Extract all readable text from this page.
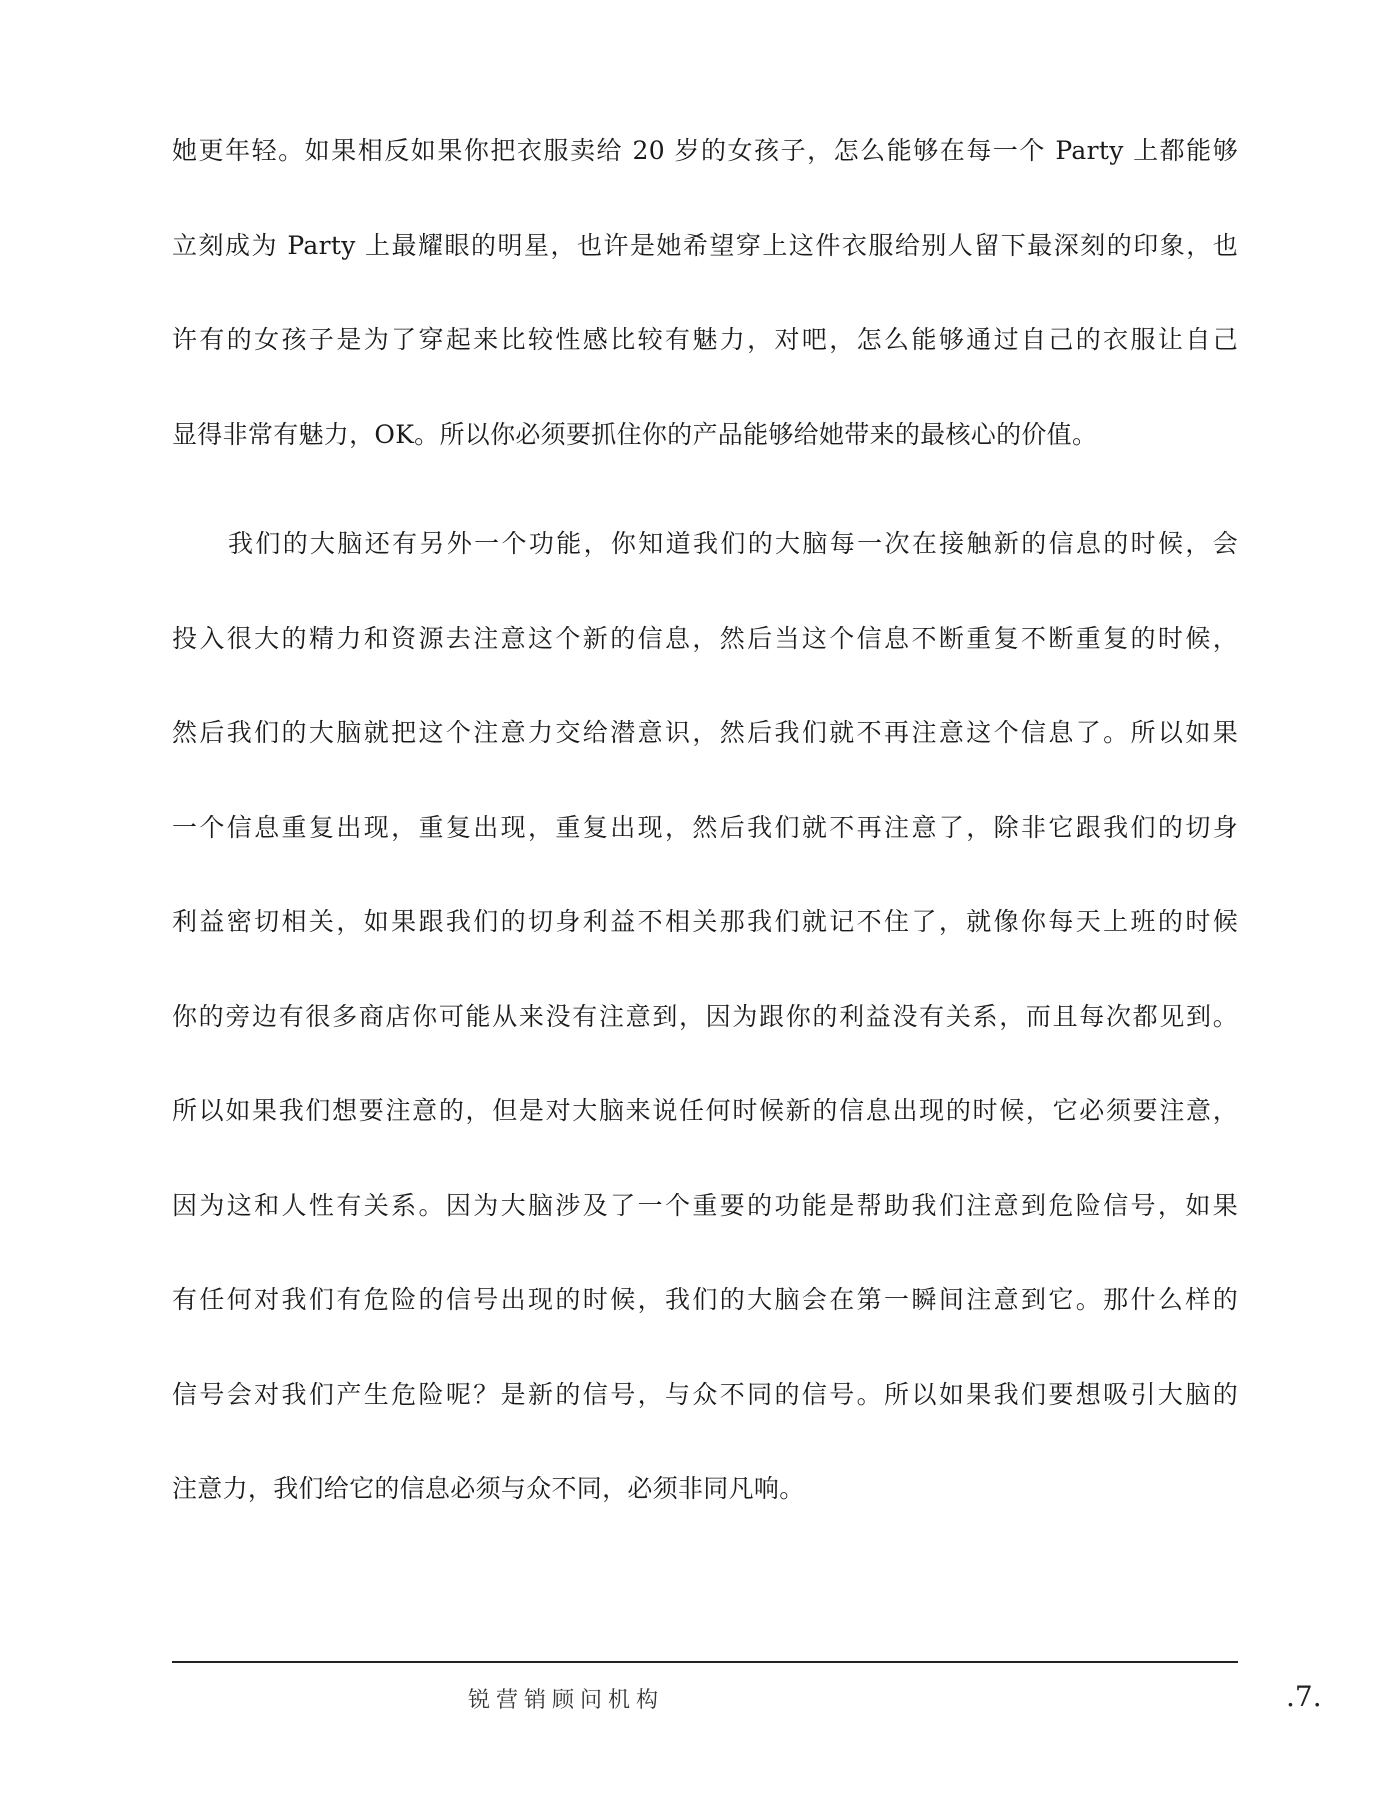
她更年轻。如果相反如果你把衣服卖给 20 岁的女孩子，怎么能够在每一个 Party 上都能够
立刻成为 Party 上最耀眼的明星，也许是她希望穿上这件衣服给别人留下最深刻的印象，也
许有的女孩子是为了穿起来比较性感比较有魅力，对吧，怎么能够通过自己的衣服让自己
显得非常有魅力，OK。所以你必须要抓住你的产品能够给她带来的最核心的价值。
我们的大脑还有另外一个功能，你知道我们的大脑每一次在接触新的信息的时候，会
投入很大的精力和资源去注意这个新的信息，然后当这个信息不断重复不断重复的时候，
然后我们的大脑就把这个注意力交给潜意识，然后我们就不再注意这个信息了。所以如果
一个信息重复出现，重复出现，重复出现，然后我们就不再注意了，除非它跟我们的切身
利益密切相关，如果跟我们的切身利益不相关那我们就记不住了，就像你每天上班的时候
你的旁边有很多商店你可能从来没有注意到，因为跟你的利益没有关系，而且每次都见到。
所以如果我们想要注意的，但是对大脑来说任何时候新的信息出现的时候，它必须要注意，
因为这和人性有关系。因为大脑涉及了一个重要的功能是帮助我们注意到危险信号，如果
有任何对我们有危险的信号出现的时候，我们的大脑会在第一瞬间注意到它。那什么样的
信号会对我们产生危险呢？是新的信号，与众不同的信号。所以如果我们要想吸引大脑的
注意力，我们给它的信息必须与众不同，必须非同凡响。
锐营销顾问机构	.7.
